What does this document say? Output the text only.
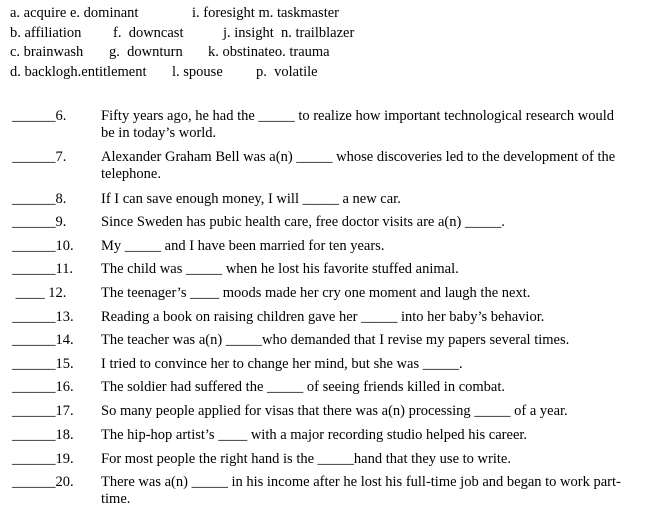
a. acquire e. dominant

	i. foresight m. taskmaster

b. affiliation

f.  downcast

	j. insight  n. trailblazer

c. brainwash

g.  downturn

k. obstinateo. trauma

d. backlogh.entitlement

l. spouse

p.  volatile

______6. Fifty years ago, he had the _____ to realize how important technological research would be in today’s world.
______7. Alexander Graham Bell was a(n) _____ whose discoveries led to the development of the telephone.
______8. If I can save enough money, I will _____ a new car.
______9. Since Sweden has pubic health care, free doctor visits are a(n) _____.
______10. My _____ and I have been married for ten years.
______11. The child was _____ when he lost his favorite stuffed animal.
____ 12. The teenager’s ____ moods made her cry one moment and laugh the next.
______13. Reading a book on raising children gave her _____ into her baby’s behavior.
______14. The teacher was a(n) _____who demanded that I revise my papers several times.
______15. I tried to convince her to change her mind, but she was _____.
______16. The soldier had suffered the _____ of seeing friends killed in combat.
______17. So many people applied for visas that there was a(n) processing _____ of a year.
______18. The hip-hop artist’s ____ with a major recording studio helped his career.
______19. For most people the right hand is the _____hand that they use to write.
______20. There was a(n) _____ in his income after he lost his full-time job and began to work part-time.
